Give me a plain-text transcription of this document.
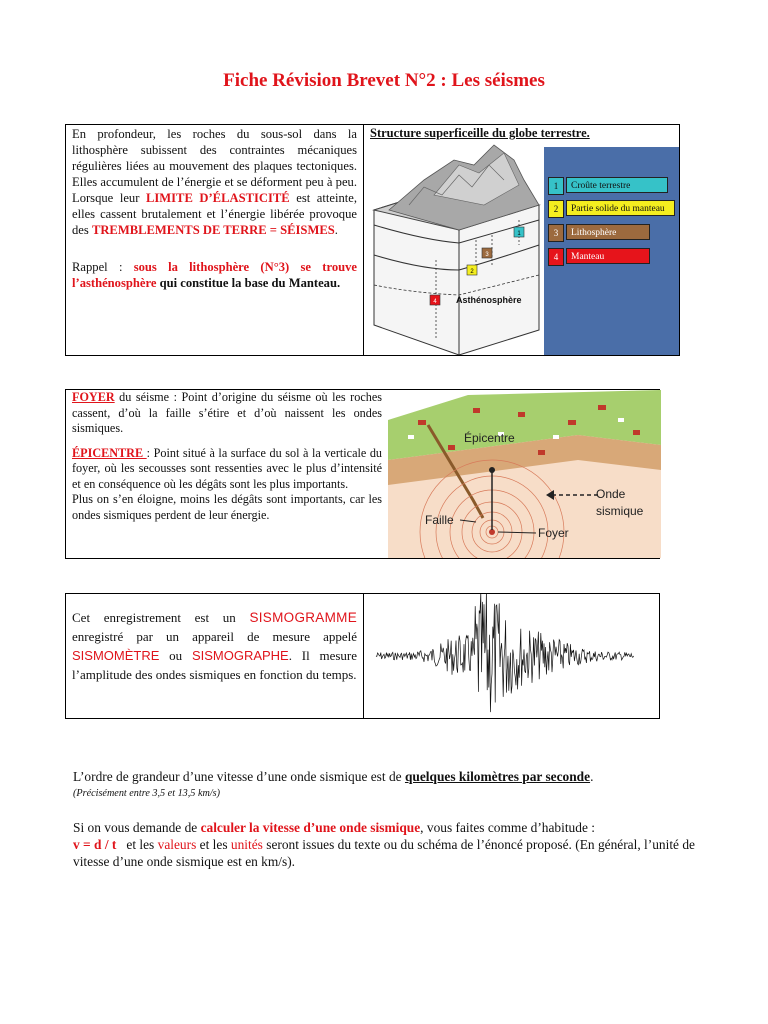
Fiche Révision Brevet N°2 : Les séismes
En profondeur, les roches du sous-sol dans la lithosphère subissent des contraintes mécaniques régulières liées au mouvement des plaques tectoniques. Elles accumulent de l’énergie et se déforment peu à peu. Lorsque leur LIMITE D’ÉLASTICITÉ est atteinte, elles cassent brutalement et l’énergie libérée provoque des TREMBLEMENTS DE TERRE = SÉISMES.
Rappel : sous la lithosphère (N°3) se trouve l’asthénosphère qui constitue la base du Manteau.
Structure superficeille du globe terrestre.
1
2
3
4 Asthénosphère
1	Croûte terrestre
2	Partie solide du manteau
3	Lithosphère
4	Manteau
FOYER du séisme : Point d’origine du séisme où les roches cassent, d’où la faille s’étire et d’où naissent les ondes sismiques.
ÉPICENTRE : Point situé à la surface du sol à la verticale du foyer, où les secousses sont ressenties avec le plus d’intensité et en conséquence où les dégâts sont les plus importants.
Plus on s’en éloigne, moins les dégâts sont importants, car les ondes sismiques perdent de leur énergie.
Épicentre
Onde
sismique
Faille
Foyer
Cet enregistrement est un SISMOGRAMME enregistré par un appareil de mesure appelé SISMOMÈTRE ou SISMOGRAPHE. Il mesure l’amplitude des ondes sismiques en fonction du temps.

L’ordre de grandeur d’une vitesse d’une onde sismique est de quelques kilomètres par seconde.

(Précisément entre 3,5 et 13,5 km/s)

Si on vous demande de calculer la vitesse d’une onde sismique, vous faites comme d’habitude :
v = d / t   et les valeurs et les unités seront issues du texte ou du schéma de l’énoncé proposé. (En général, l’unité de vitesse d’une onde sismique est en km/s).
